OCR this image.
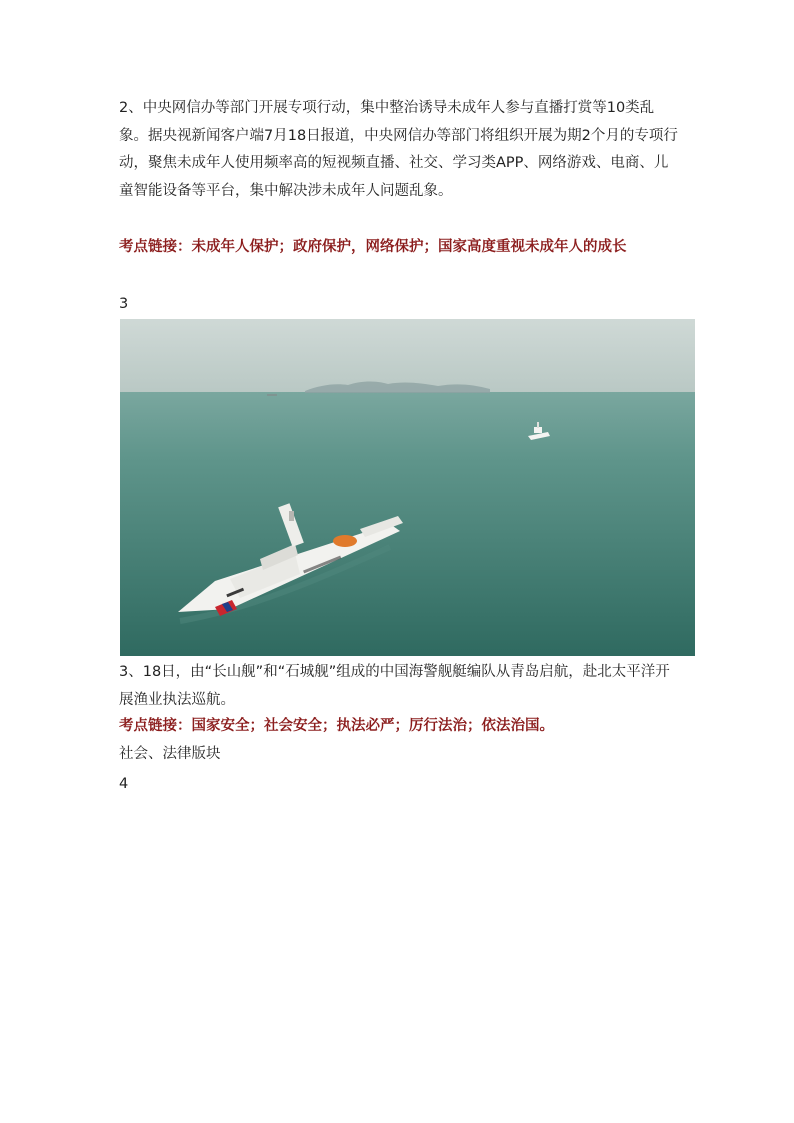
2、中央网信办等部门开展专项行动，集中整治诱导未成年人参与直播打赏等10类乱象。据央视新闻客户端7月18日报道，中央网信办等部门将组织开展为期2个月的专项行动，聚焦未成年人使用频率高的短视频直播、社交、学习类APP、网络游戏、电商、儿童智能设备等平台，集中解决涉未成年人问题乱象。

考点链接：未成年人保护；政府保护，网络保护；国家高度重视未成年人的成长

3

3、18日，由“长山舰”和“石城舰”组成的中国海警舰艇编队从青岛启航，赴北太平洋开展渔业执法巡航。

考点链接：国家安全；社会安全；执法必严；厉行法治；依法治国。

社会、法律版块
4
